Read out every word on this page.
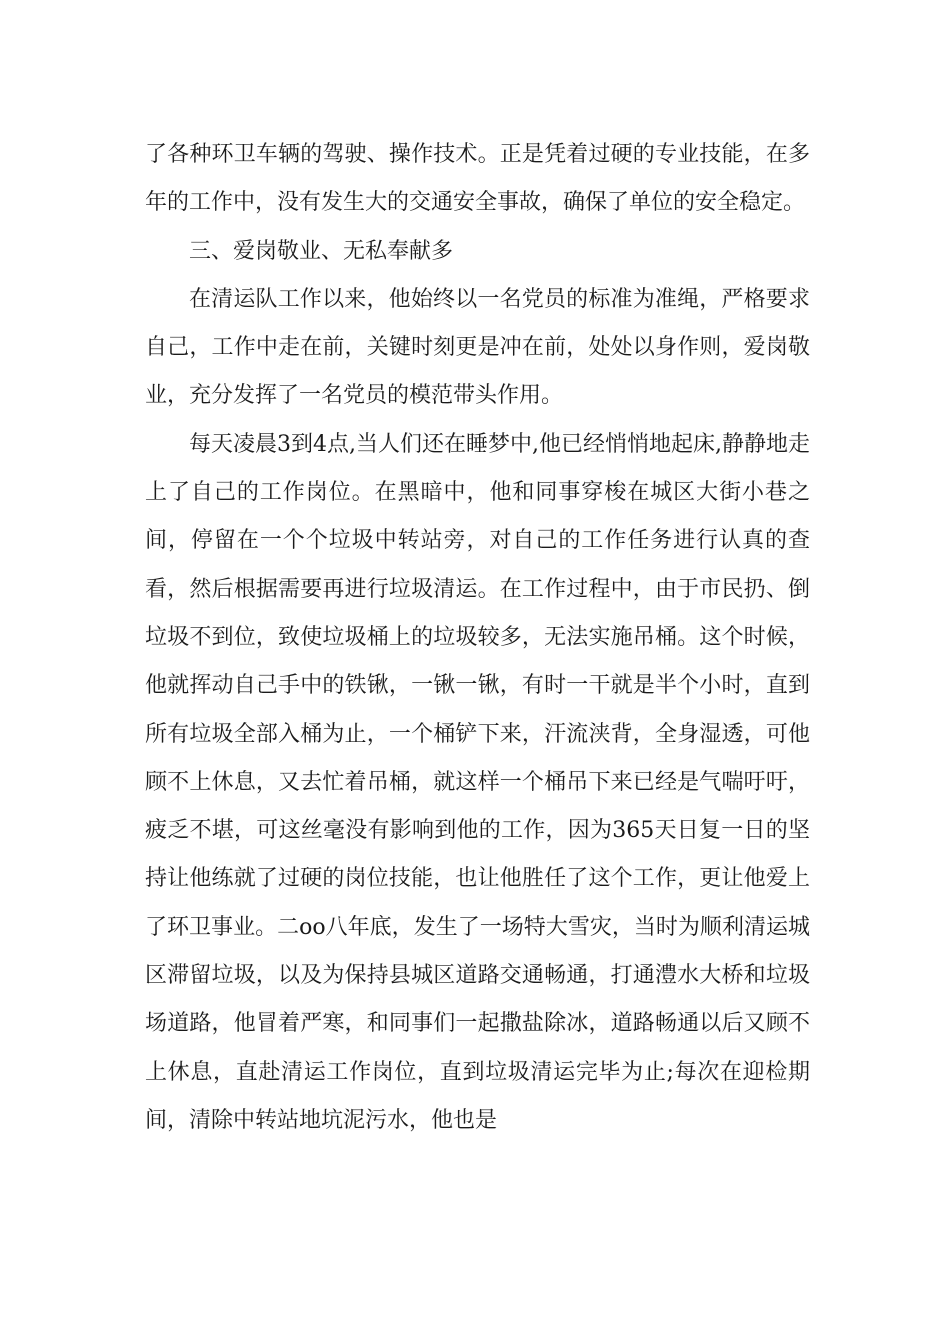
了各种环卫车辆的驾驶、操作技术。正是凭着过硬的专业技能，在多年的工作中，没有发生大的交通安全事故，确保了单位的安全稳定。

三、爱岗敬业、无私奉献多

在清运队工作以来，他始终以一名党员的标准为准绳，严格要求自己，工作中走在前，关键时刻更是冲在前，处处以身作则，爱岗敬业，充分发挥了一名党员的模范带头作用。

每天凌晨3到4点,当人们还在睡梦中,他已经悄悄地起床,静静地走上了自己的工作岗位。在黑暗中，他和同事穿梭在城区大街小巷之间，停留在一个个垃圾中转站旁，对自己的工作任务进行认真的查看，然后根据需要再进行垃圾清运。在工作过程中，由于市民扔、倒垃圾不到位，致使垃圾桶上的垃圾较多，无法实施吊桶。这个时候，他就挥动自己手中的铁锹，一锹一锹，有时一干就是半个小时，直到所有垃圾全部入桶为止，一个桶铲下来，汗流浃背，全身湿透，可他顾不上休息，又去忙着吊桶，就这样一个桶吊下来已经是气喘吁吁，疲乏不堪，可这丝毫没有影响到他的工作，因为365天日复一日的坚持让他练就了过硬的岗位技能，也让他胜任了这个工作，更让他爱上了环卫事业。二oo八年底，发生了一场特大雪灾，当时为顺利清运城区滞留垃圾，以及为保持县城区道路交通畅通，打通澧水大桥和垃圾场道路，他冒着严寒，和同事们一起撒盐除冰，道路畅通以后又顾不上休息，直赴清运工作岗位，直到垃圾清运完毕为止;每次在迎检期间，清除中转站地坑泥污水，他也是
